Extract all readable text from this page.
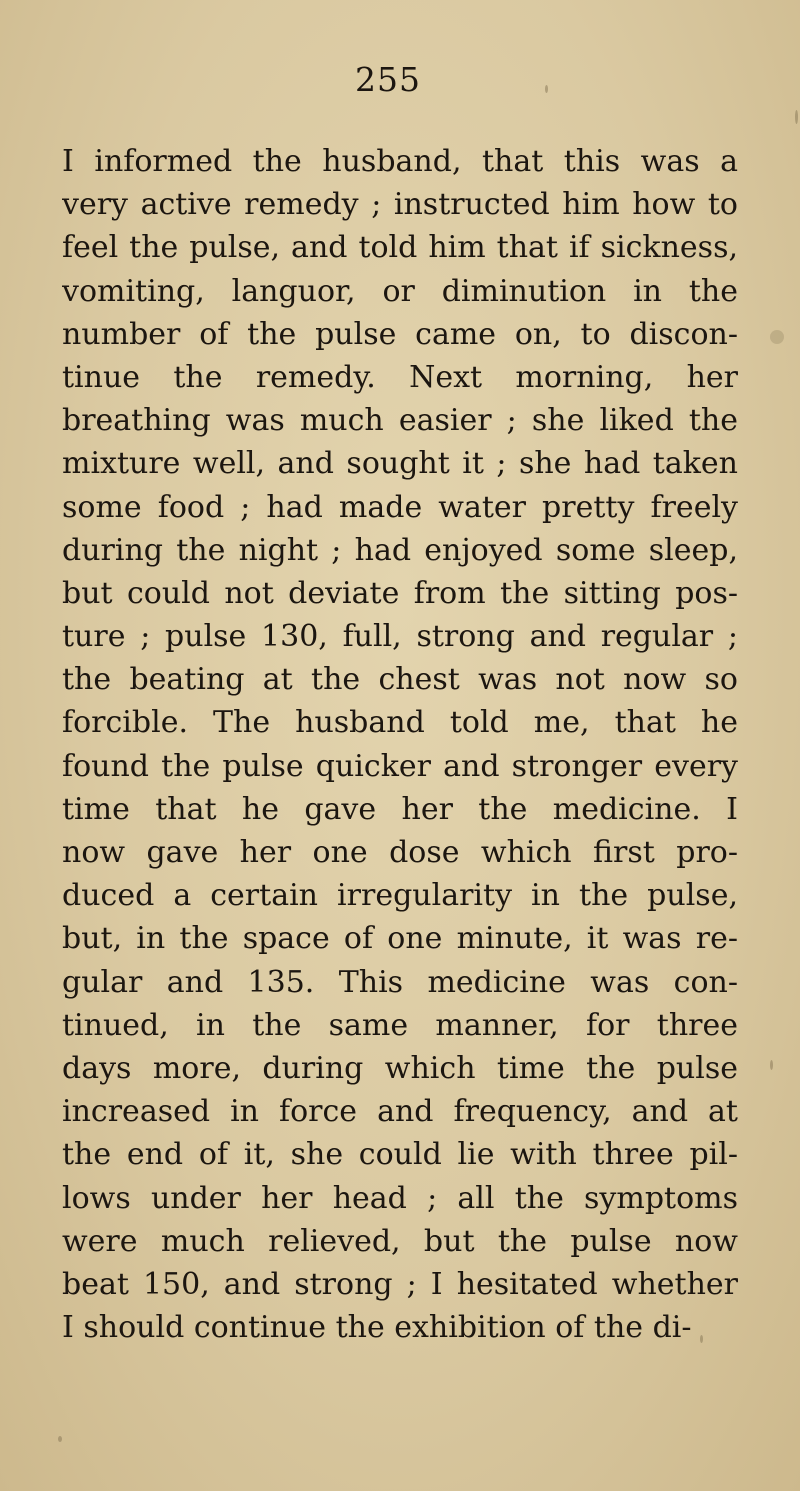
255
I informed the husband, that this was a
very active remedy ; instructed him how to
feel the pulse, and told him that if sickness,
vomiting, languor, or diminution in the
number of the pulse came on, to discon-
tinue the remedy. Next morning, her
breathing was much easier ; she liked the
mixture well, and sought it ; she had taken
some food ; had made water pretty freely
during the night ; had enjoyed some sleep,
but could not deviate from the sitting pos-
ture ; pulse 130, full, strong and regular ;
the beating at the chest was not now so
forcible. The husband told me, that he
found the pulse quicker and stronger every
time that he gave her the medicine. I
now gave her one dose which first pro-
duced a certain irregularity in the pulse,
but, in the space of one minute, it was re-
gular and 135. This medicine was con-
tinued, in the same manner, for three
days more, during which time the pulse
increased in force and frequency, and at
the end of it, she could lie with three pil-
lows under her head ; all the symptoms
were much relieved, but the pulse now
beat 150, and strong ; I hesitated whether
I should continue the exhibition of the di-
